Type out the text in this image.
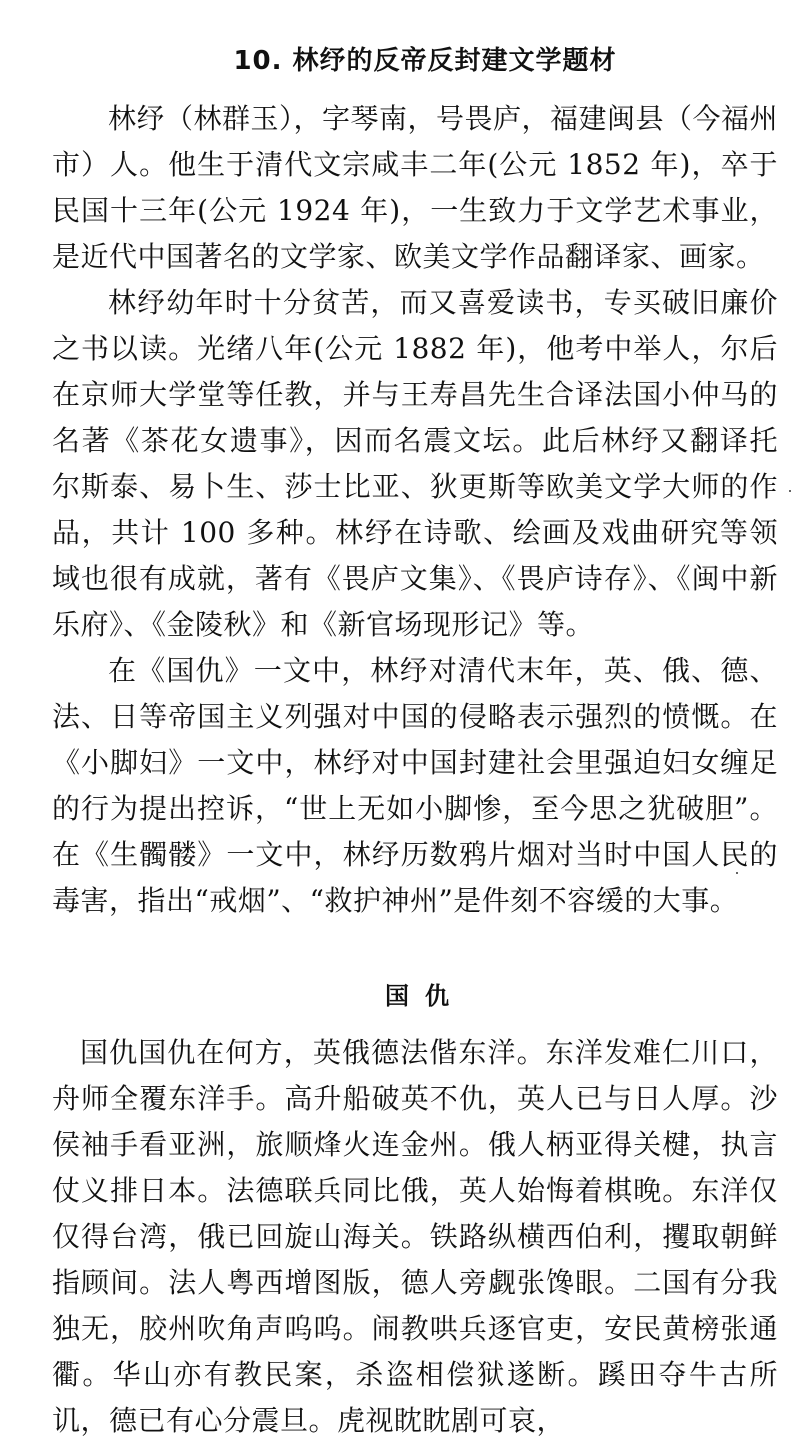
10. 林纾的反帝反封建文学题材

林纾（林群玉），字琴南，号畏庐，福建闽县（今福州市）人。他生于清代文宗咸丰二年(公元 1852 年)，卒于民国十三年(公元 1924 年)，一生致力于文学艺术事业，是近代中国著名的文学家、欧美文学作品翻译家、画家。

林纾幼年时十分贫苦，而又喜爱读书，专买破旧廉价之书以读。光绪八年(公元 1882 年)，他考中举人，尔后在京师大学堂等任教，并与王寿昌先生合译法国小仲马的名著《茶花女遗事》，因而名震文坛。此后林纾又翻译托尔斯泰、易卜生、莎士比亚、狄更斯等欧美文学大师的作品，共计 100 多种。林纾在诗歌、绘画及戏曲研究等领域也很有成就，著有《畏庐文集》、《畏庐诗存》、《闽中新乐府》、《金陵秋》和《新官场现形记》等。

在《国仇》一文中，林纾对清代末年，英、俄、德、法、日等帝国主义列强对中国的侵略表示强烈的愤慨。在《小脚妇》一文中，林纾对中国封建社会里强迫妇女缠足的行为提出控诉，“世上无如小脚惨，至今思之犹破胆”。在《生髑髅》一文中，林纾历数鸦片烟对当时中国人民的毒害，指出“戒烟”、“救护神州”是件刻不容缓的大事。

国仇

国仇国仇在何方，英俄德法偕东洋。东洋发难仁川口，舟师全覆东洋手。高升船破英不仇，英人已与日人厚。沙侯袖手看亚洲，旅顺烽火连金州。俄人柄亚得关楗，执言仗义排日本。法德联兵同比俄，英人始悔着棋晚。东洋仅仅得台湾，俄已回旋山海关。铁路纵横西伯利，攫取朝鲜指顾间。法人粤西增图版，德人旁觑张馋眼。二国有分我独无，胶州吹角声呜呜。闹教哄兵逐官吏，安民黄榜张通衢。华山亦有教民案，杀盗相偿狱遂断。蹊田夺牛古所讥，德已有心分震旦。虎视眈眈剧可哀，
